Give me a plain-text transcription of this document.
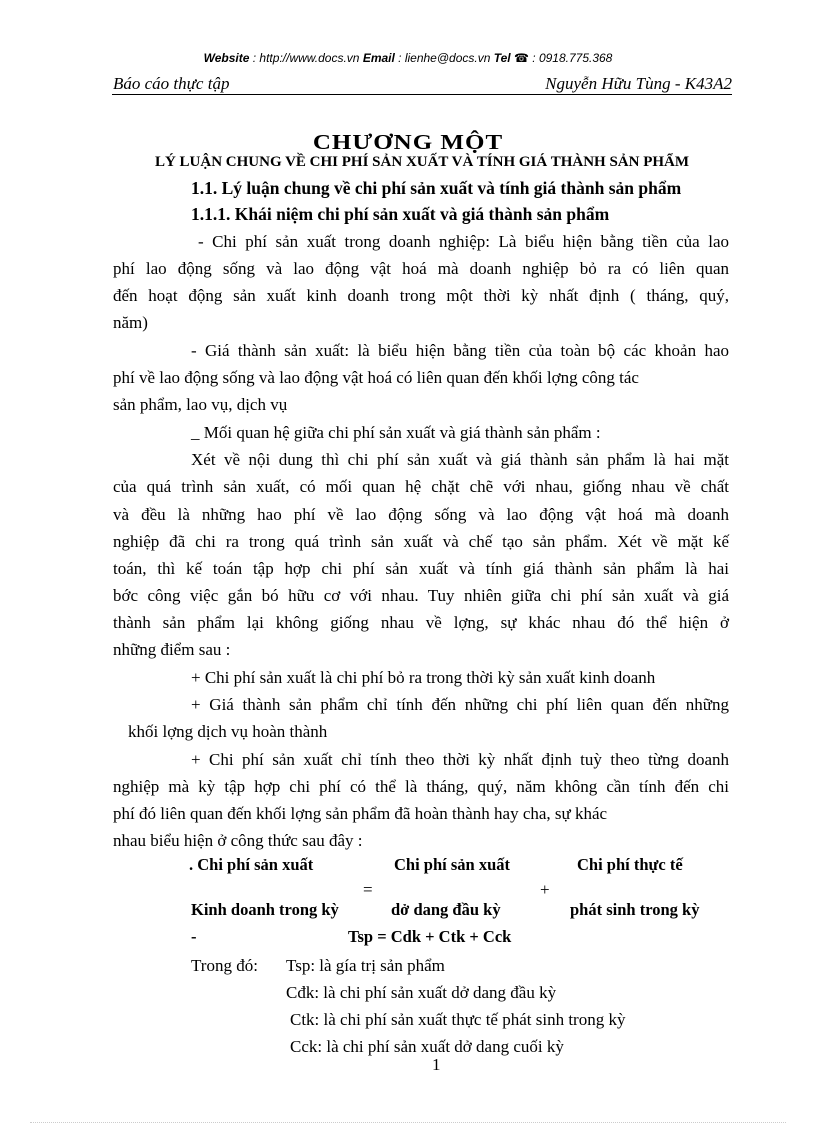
Website : http://www.docs.vn Email : lienhe@docs.vn Tel ☎ : 0918.775.368
Báo cáo thực tập	Nguyễn Hữu Tùng - K43A2
CHƯƠNG MỘT
LÝ LUẬN CHUNG VỀ CHI PHÍ SẢN XUẤT VÀ TÍNH GIÁ THÀNH SẢN PHẨM
1.1. Lý luận chung về chi phí sản xuất và tính giá thành sản phẩm
1.1.1. Khái niệm chi phí sản xuất và giá thành sản phẩm
- Chi phí sản xuất trong doanh nghiệp: Là biểu hiện bằng tiền của lao
phí lao động sống và lao động vật hoá mà doanh nghiệp bỏ ra có liên quan
đến hoạt động sản xuất kinh doanh trong một thời kỳ nhất định ( tháng, quý,
năm)
- Giá thành sản xuất: là biểu hiện bằng tiền của toàn bộ các khoản hao
phí về lao động sống và lao động vật hoá có liên quan đến khối lợng công tác
sản phẩm, lao vụ, dịch vụ
_ Mối quan hệ giữa chi phí sản xuất và giá thành sản phẩm :
Xét về nội dung thì chi phí sản xuất và giá thành sản phẩm là hai mặt
của quá trình sản xuất, có mối quan hệ chặt chẽ với nhau, giống nhau về chất
và đều là những hao phí về lao động sống và lao động vật hoá mà doanh
nghiệp đã chi ra trong quá trình sản xuất và chế tạo sản phẩm. Xét về mặt kế
toán, thì kế toán tập hợp chi phí sản xuất và tính giá thành sản phẩm là hai
bớc công việc gắn bó hữu cơ với nhau. Tuy nhiên giữa chi phí sản xuất và giá
thành sản phẩm lại không giống nhau về lợng, sự khác nhau đó thể hiện ở
những điểm sau :
+ Chi phí sản xuất là chi phí bỏ ra trong thời kỳ sản xuất kinh doanh
+ Giá thành sản phẩm chỉ tính đến những chi phí liên quan đến những
khối lợng dịch vụ hoàn thành
+ Chi phí sản xuất chỉ tính theo thời kỳ nhất định tuỳ theo từng doanh
nghiệp mà kỳ tập hợp chi phí có thể là tháng, quý, năm không cần tính đến chi
phí đó liên quan đến khối lợng sản phẩm đã hoàn thành hay cha, sự khác
nhau biểu hiện ở công thức sau đây :
. Chi phí sản xuất	Chi phí sản xuất	Chi phí thực tế
=	+
Kinh doanh trong kỳ	dở dang đầu kỳ	phát sinh trong kỳ
-	Tsp = Cdk + Ctk + Cck
Trong đó: Tsp: là gía trị sản phẩm
Cđk: là chi phí sản xuất dở dang đầu kỳ
Ctk: là chi phí sản xuất thực tế phát sinh trong kỳ
Cck: là chi phí sản xuất dở dang cuối kỳ
1
